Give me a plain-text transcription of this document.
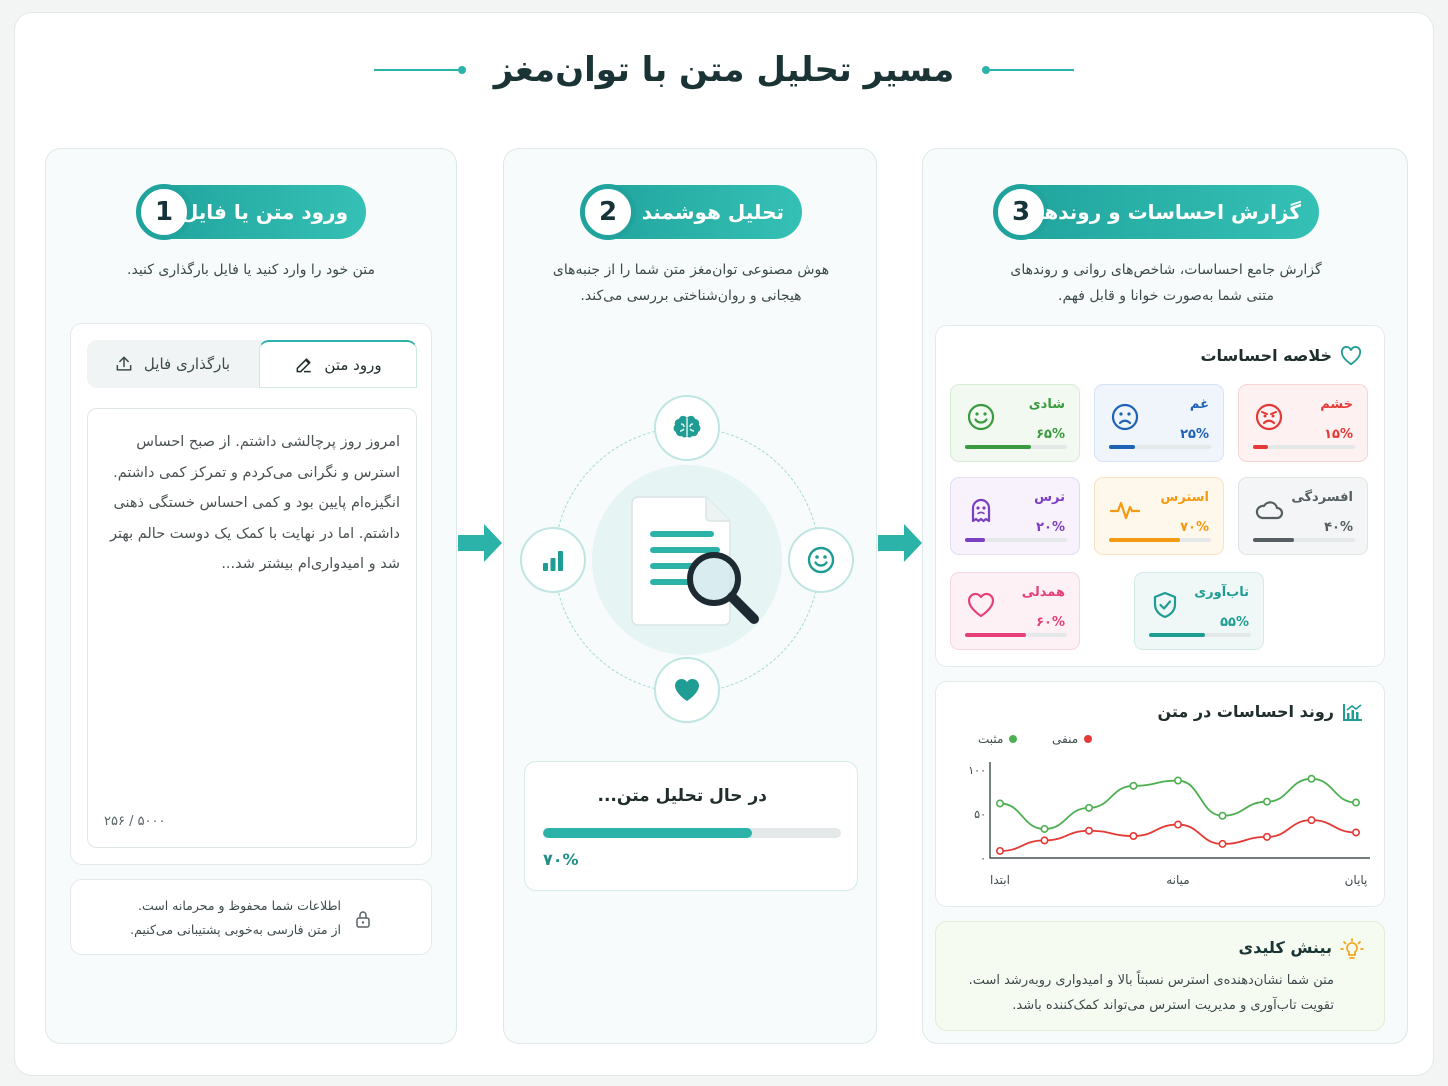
مسیر تحلیل متن با توان‌مغز
1 ورود متن یا فایل
متن خود را وارد کنید یا فایل بارگذاری کنید.
ورود متن
بارگذاری فایل
امروز روز پرچالشی داشتم. از صبح احساس استرس و نگرانی می‌کردم و تمرکز کمی داشتم. انگیزه‌ام پایین بود و کمی احساس خستگی ذهنی داشتم. اما در نهایت با کمک یک دوست حالم بهتر شد و امیدواری‌ام بیشتر شد...
۲۵۶ / ۵۰۰۰
اطلاعات شما محفوظ و محرمانه است.
از متن فارسی به‌خوبی پشتیبانی می‌کنیم.
2	تحلیل هوشمند
هوش مصنوعی توان‌مغز متن شما را از جنبه‌های
هیجانی و روان‌شناختی بررسی می‌کند.
در حال تحلیل متن...
۷۰%
3 گزارش احساسات و روندها
گزارش جامع احساسات، شاخص‌های روانی و روندهای
متنی شما به‌صورت خوانا و قابل فهم.
خلاصه احساسات
خشم
۱۵%
غم
۲۵%
شادی
۶۵%
افسردگی
۴۰%
استرس
۷۰%
ترس
۲۰%
تاب‌آوری
۵۵%
همدلی
۶۰%
روند احساسات در متن
مثبت	منفی
۰
۵۰
۱۰۰
ابتدا	میانه	پایان
بینش کلیدی
متن شما نشان‌دهنده‌ی استرس نسبتاً بالا و امیدواری رو‌به‌رشد است.
تقویت تاب‌آوری و مدیریت استرس می‌تواند کمک‌کننده باشد.
